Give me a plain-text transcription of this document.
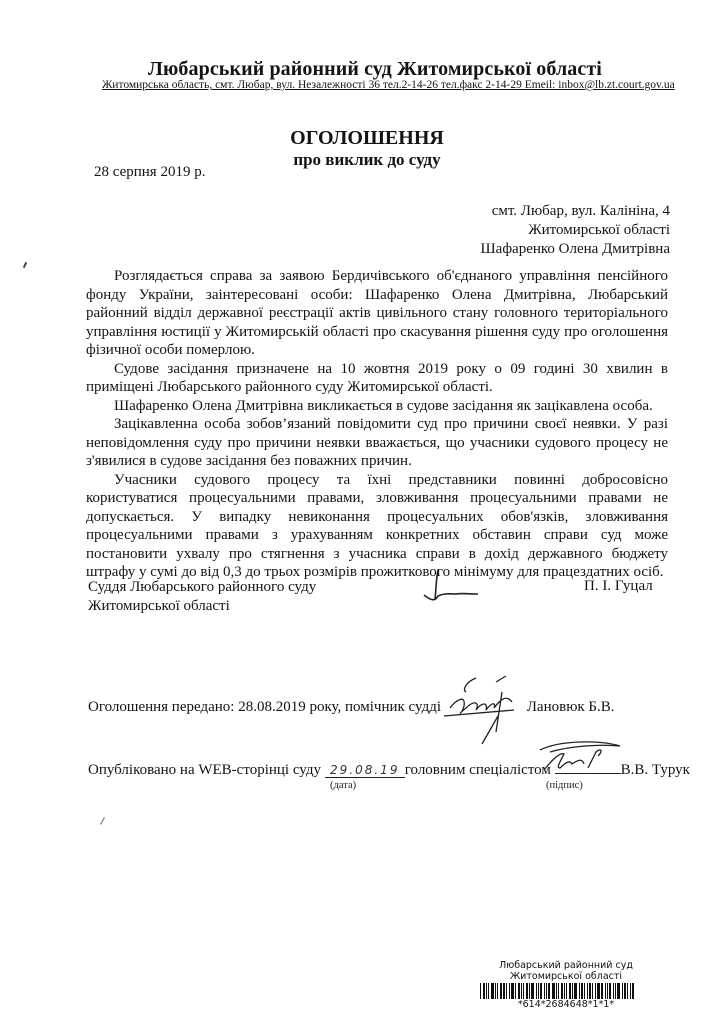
Любарський районний суд Житомирської області
Житомирська область, смт. Любар, вул. Незалежності 36 тел.2-14-26 тел.факс 2-14-29 Emeil: inbox@lb.zt.court.gov.ua
ОГОЛОШЕННЯ
про виклик до суду
28 серпня 2019 р.
смт. Любар, вул. Калініна, 4
Житомирської області
Шафаренко Олена Дмитрівна

Розглядається справа за заявою Бердичівського об'єднаного управління пенсійного фонду України, заінтересовані особи: Шафаренко Олена Дмитрівна, Любарський районний відділ державної реєстрації актів цивільного стану головного територіального управління юстиції у Житомирській області про скасування рішення суду про оголошення фізичної особи померлою.

Судове засідання призначене на 10 жовтня 2019 року о 09 годині 30 хвилин в приміщені Любарського районного суду Житомирської області.

Шафаренко Олена Дмитрівна викликається в судове засідання як зацікавлена особа.

Зацікавленна особа зобов’язаний повідомити суд про причини своєї неявки. У разі неповідомлення суду про причини неявки вважається, що учасники судового процесу не з'явилися в судове засідання без поважних причин.

Учасники судового процесу та їхні представники повинні добросовісно користуватися процесуальними правами, зловживання процесуальними правами не допускається. У випадку невиконання процесуальних обов'язків, зловживання процесуальними правами з урахуванням конкретних обставин справи суд може постановити ухвалу про стягнення з учасника справи в дохід державного бюджету штрафу у сумі до від 0,3 до трьох розмірів прожиткового мінімуму для працездатних осіб.

Суддя Любарського районного суду
Житомирської області
П. І. Гуцал
Оголошення передано: 28.08.2019 року, помічник судді	Лановюк Б.В.
Опубліковано на WEB-сторінці суду 29.08.19 головним спеціалістом	В.В. Турук
(дата)	(підпис)
Любарський районний суд
Житомирської області
*614*2684648*1*1*
